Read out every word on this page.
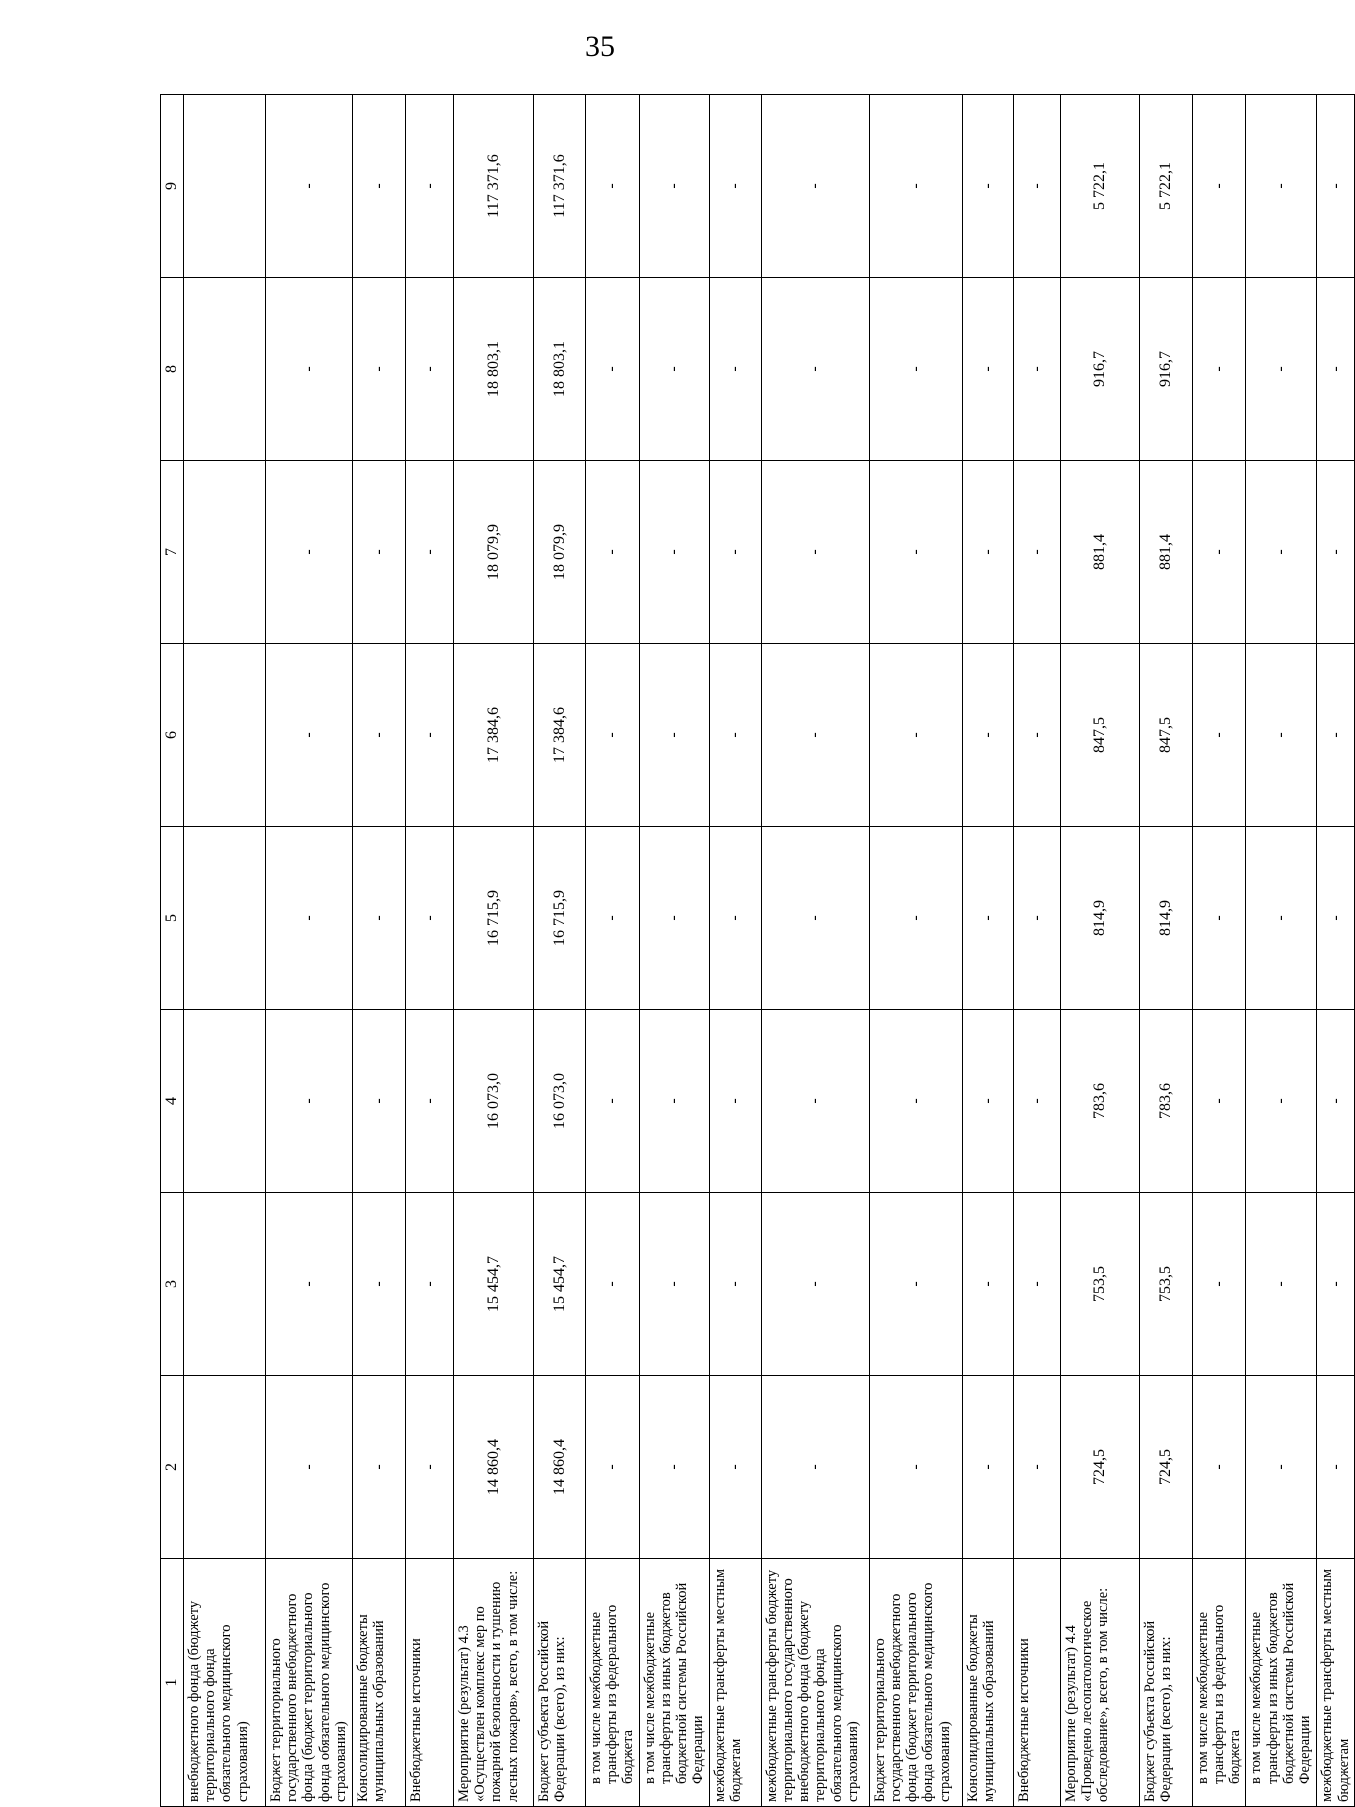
35
1	2	3	4	5	6	7	8	9
внебюджетного фонда (бюджету территориального фонда обязательного медицинского страхования)								
Бюджет территориального государственного внебюджетного фонда (бюджет территориального фонда обязательного медицинского страхования)	-	-	-	-	-	-	-	-
Консолидированные бюджеты муниципальных образований	-	-	-	-	-	-	-	-
Внебюджетные источники	-	-	-	-	-	-	-	-
Мероприятие (результат) 4.3 «Осуществлен комплекс мер по пожарной безопасности и тушению лесных пожаров», всего, в том числе:	14 860,4	15 454,7	16 073,0	16 715,9	17 384,6	18 079,9	18 803,1	117 371,6
Бюджет субъекта Российской Федерации (всего), из них:	14 860,4	15 454,7	16 073,0	16 715,9	17 384,6	18 079,9	18 803,1	117 371,6
в том числе межбюджетные трансферты из федерального бюджета	-	-	-	-	-	-	-	-
в том числе межбюджетные трансферты из иных бюджетов бюджетной системы Российской Федерации	-	-	-	-	-	-	-	-
межбюджетные трансферты местным бюджетам	-	-	-	-	-	-	-	-
межбюджетные трансферты бюджету территориального государственного внебюджетного фонда (бюджету территориального фонда обязательного медицинского страхования)	-	-	-	-	-	-	-	-
Бюджет территориального государственного внебюджетного фонда (бюджет территориального фонда обязательного медицинского страхования)	-	-	-	-	-	-	-	-
Консолидированные бюджеты муниципальных образований	-	-	-	-	-	-	-	-
Внебюджетные источники	-	-	-	-	-	-	-	-
Мероприятие (результат) 4.4 «Проведено лесопатологическое обследование», всего, в том числе:	724,5	753,5	783,6	814,9	847,5	881,4	916,7	5 722,1
Бюджет субъекта Российской Федерации (всего), из них:	724,5	753,5	783,6	814,9	847,5	881,4	916,7	5 722,1
в том числе межбюджетные трансферты из федерального бюджета	-	-	-	-	-	-	-	-
в том числе межбюджетные трансферты из иных бюджетов бюджетной системы Российской Федерации	-	-	-	-	-	-	-	-
межбюджетные трансферты местным бюджетам	-	-	-	-	-	-	-	-
